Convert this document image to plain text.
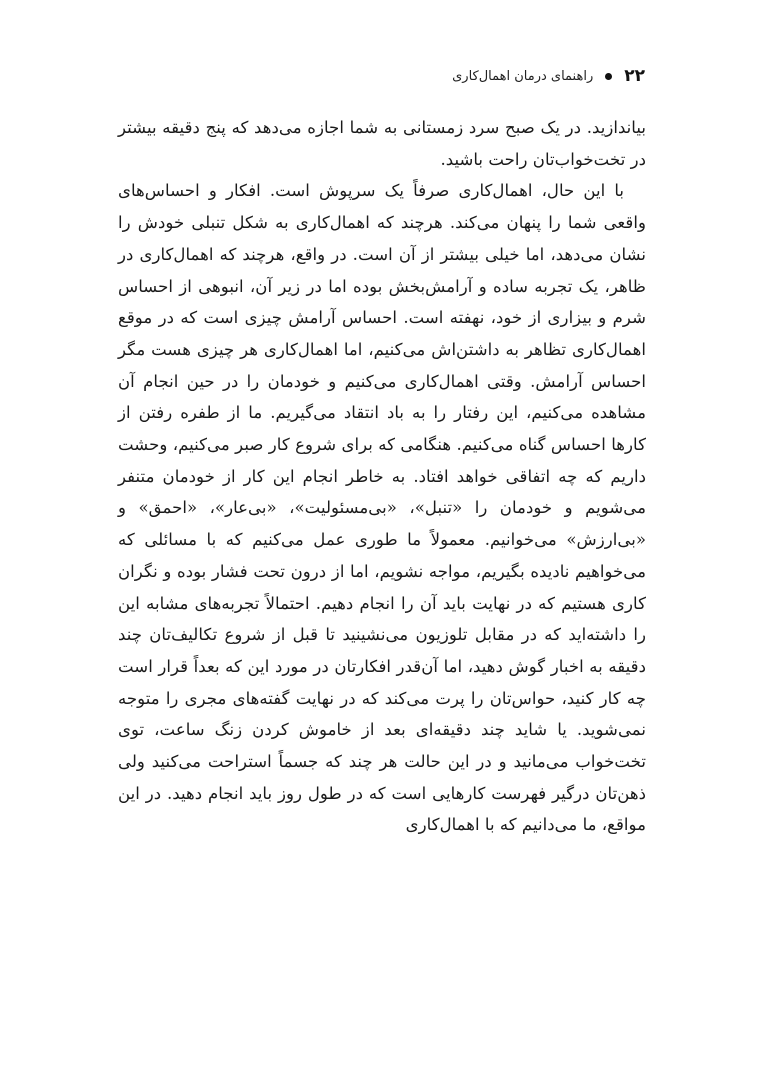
۲۲
راهنمای درمان اهمال‌کاری

بیاندازید. در یک صبح سرد زمستانی به شما اجازه می‌دهد که پنج دقیقه بیشتر در تخت‌خواب‌تان راحت باشید.

با این حال، اهمال‌کاری صرفاً یک سرپوش است. افکار و احساس‌های واقعی شما را پنهان می‌کند. هرچند که اهمال‌کاری به شکل تنبلی خودش را نشان می‌دهد، اما خیلی بیشتر از آن است. در واقع، هرچند که اهمال‌کاری در ظاهر، یک تجربه ساده و آرامش‌بخش بوده اما در زیر آن، انبوهی از احساس شرم و بیزاری از خود، نهفته است. احساس آرامش چیزی است که در موقع اهمال‌کاری تظاهر به داشتن‌اش می‌کنیم، اما اهمال‌کاری هر چیزی هست مگر احساس آرامش. وقتی اهمال‌کاری می‌کنیم و خودمان را در حین انجام آن مشاهده می‌کنیم، این رفتار را به باد انتقاد می‌گیریم. ما از طفره رفتن از کارها احساس گناه می‌کنیم. هنگامی که برای شروع کار صبر می‌کنیم، وحشت داریم که چه اتفاقی خواهد افتاد. به خاطر انجام این کار از خودمان متنفر می‌شویم و خودمان را «تنبل»، «بی‌مسئولیت»، «بی‌عار»، «احمق» و «بی‌ارزش» می‌خوانیم. معمولاً ما طوری عمل می‌کنیم که با مسائلی که می‌خواهیم نادیده بگیریم، مواجه نشویم، اما از درون تحت فشار بوده و نگران کاری هستیم که در نهایت باید آن را انجام دهیم. احتمالاً تجربه‌های مشابه این را داشته‌اید که در مقابل تلوزیون می‌نشینید تا قبل از شروع تکالیف‌تان چند دقیقه به اخبار گوش دهید، اما آن‌قدر افکارتان در مورد این که بعداً قرار است چه کار کنید، حواس‌تان را پرت می‌کند که در نهایت گفته‌های مجری را متوجه نمی‌شوید. یا شاید چند دقیقه‌ای بعد از خاموش کردن زنگ ساعت، توی تخت‌خواب می‌مانید و در این حالت هر چند که جسماً استراحت می‌کنید ولی ذهن‌تان درگیر فهرست کارهایی است که در طول روز باید انجام دهید. در این مواقع، ما می‌دانیم که با اهمال‌کاری
